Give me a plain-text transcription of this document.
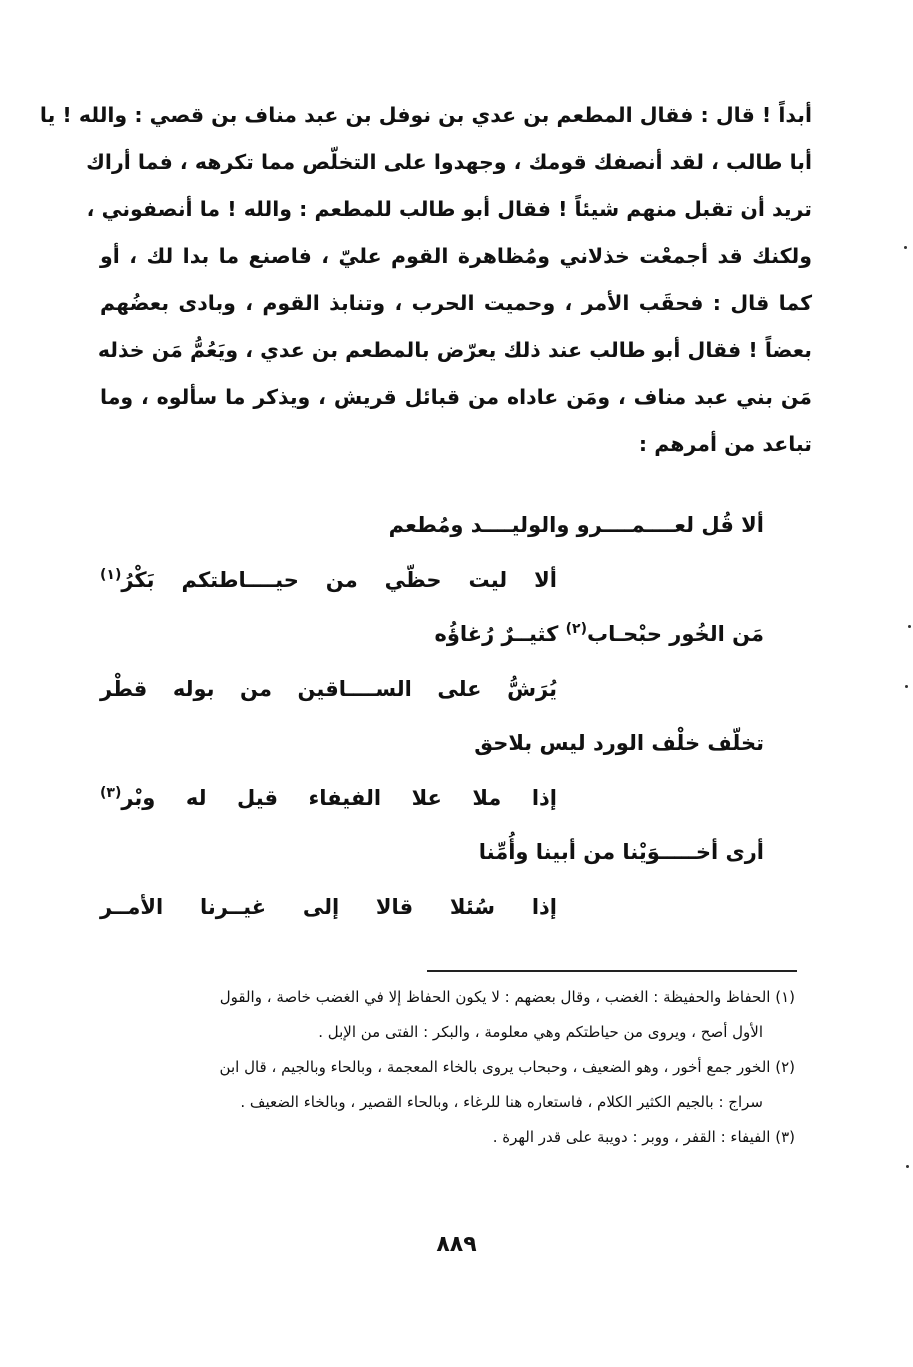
أبداً ! قال : فقال المطعم بن عدي بن نوفل بن عبد مناف بن قصي : والله ! يا
أبا طالب ، لقد أنصفك قومك ، وجهدوا على التخلّص مما تكرهه ، فما أراك
تريد أن تقبل منهم شيئاً ! فقال أبو طالب للمطعم : والله ! ما أنصفوني ،
ولكنك قد أجمعْت خذلاني ومُظاهرة القوم عليّ ، فاصنع ما بدا لك ، أو
كما قال : فحقَب الأمر ، وحميت الحرب ، وتنابذ القوم ، وبادى بعضُهم
بعضاً ! فقال أبو طالب عند ذلك يعرّض بالمطعم بن عدي ، ويَعُمُّ مَن خذله
مَن بني عبد مناف ، ومَن عاداه من قبائل قريش ، ويذكر ما سألوه ، وما
تباعد من أمرهم :
ألا قُل لعــــمــــرو والوليــــد ومُطعم
ألا ليت حظّي من حيــــاطتكم بَكْرُ$^{(١)}$
مَن الخُور حبْحـاب$^{(٢)}$ كثيــرٌ رُغاؤُه
يُرَشُّ على الســــاقين من بوله قطْر
تخلّف خلْف الورد ليس بلاحق
إذا ملا علا الفيفاء قيل له وبْر$^{(٣)}$
أرى أخـــــوَيْنا من أبينا وأُمِّنا
إذا سُئلا قالا إلى غيــرنا الأمــر
(١) الحفاظ والحفيظة : الغضب ، وقال بعضهم : لا يكون الحفاظ إلا في الغضب خاصة ، والقول
الأول أصح ، ويروى من حياطتكم وهي معلومة ، والبكر : الفتى من الإبل .
(٢) الخور جمع أخور ، وهو الضعيف ، وحبحاب يروى بالخاء المعجمة ، وبالحاء وبالجيم ، قال ابن
سراج : بالجيم الكثير الكلام ، فاستعاره هنا للرغاء ، وبالحاء القصير ، وبالخاء الضعيف .
(٣) الفيفاء : القفر ، ووبر : دويبة على قدر الهرة .
٨٨٩
